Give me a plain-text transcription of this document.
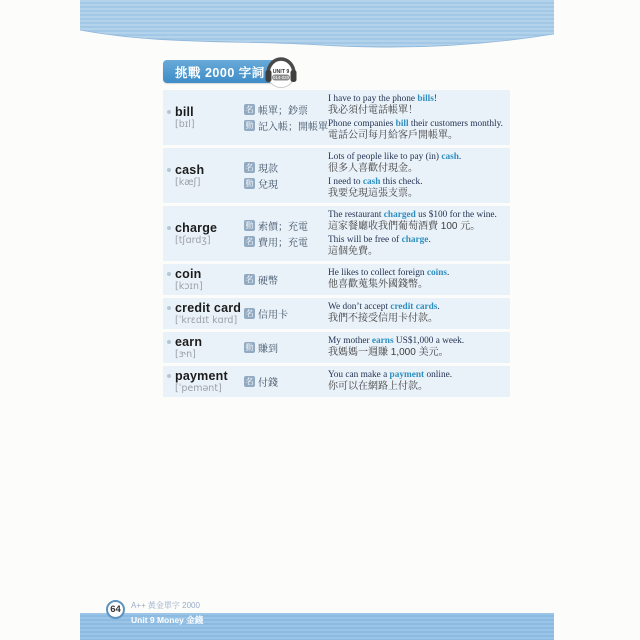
挑戰 2000 字詞 UNIT 9
014-020
bill
[bɪl]
名 帳單；鈔票
動 記入帳；開帳單
I have to pay the phone bills!
我必須付電話帳單！
Phone companies bill their customers monthly.
電話公司每月給客戶開帳單。
cash
[kæʃ]
名 現款
動 兌現
Lots of people like to pay (in) cash.
很多人喜歡付現金。
I need to cash this check.
我要兌現這張支票。
charge
[tʃɑrdʒ]
動 索價；充電
名 費用；充電
The restaurant charged us $100 for the wine.
這家餐廳收我們葡萄酒費 100 元。
This will be free of charge.
這個免費。
coin
[kɔɪn]
名 硬幣
He likes to collect foreign coins.
他喜歡蒐集外國錢幣。
credit card
[ˈkrɛdɪt kɑrd]
名 信用卡
We don’t accept credit cards.
我們不接受信用卡付款。
earn
[ɝn]
動 賺到
My mother earns US$1,000 a week.
我媽媽一週賺 1,000 美元。
payment
[ˈpemənt]
名 付錢
You can make a payment online.
你可以在網路上付款。
64 A++ 黃金單字 2000
Unit 9 Money 金錢
